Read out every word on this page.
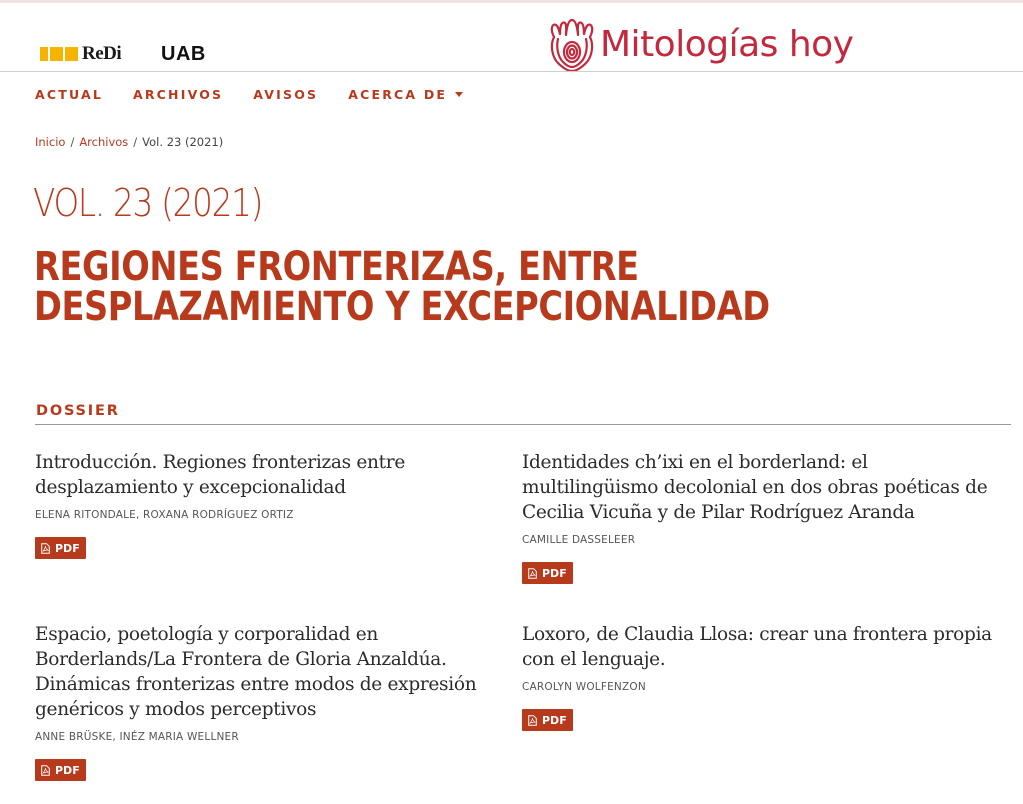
ReDi UAB	Mitologías hoy
ACTUAL ARCHIVOS AVISOS ACERCA DE
Inicio / Archivos / Vol. 23 (2021)
VOL. 23 (2021)
REGIONES FRONTERIZAS, ENTRE
DESPLAZAMIENTO Y EXCEPCIONALIDAD
DOSSIER
Introducción. Regiones fronterizas entre desplazamiento y excepcionalidad
ELENA RITONDALE, ROXANA RODRÍGUEZ ORTIZ
PDF
Identidades ch’ixi en el borderland: el multilingüismo decolonial en dos obras poéticas de Cecilia Vicuña y de Pilar Rodríguez Aranda
CAMILLE DASSELEER
PDF
Espacio, poetología y corporalidad en Borderlands/La Frontera de Gloria Anzaldúa. Dinámicas fronterizas entre modos de expresión genéricos y modos perceptivos
ANNE BRÜSKE, INÉZ MARIA WELLNER
PDF
Loxoro, de Claudia Llosa: crear una frontera propia con el lenguaje.
CAROLYN WOLFENZON
PDF
